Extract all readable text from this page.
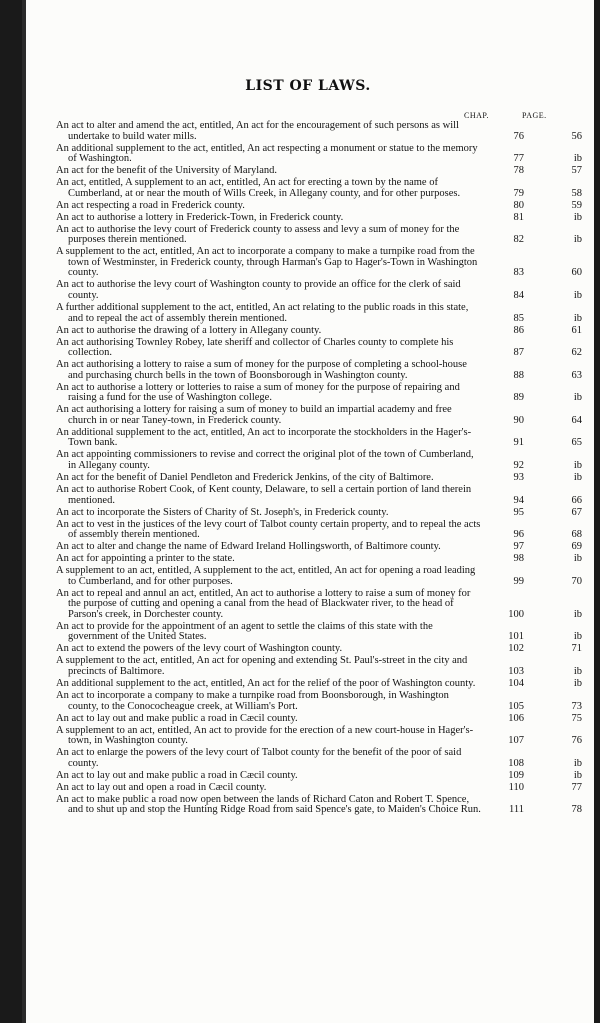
LIST OF LAWS.
CHAP.	PAGE.
An act to alter and amend the act, entitled, An act for the encouragement of such persons as will undertake to build water mills.	76	56
An additional supplement to the act, entitled, An act respecting a monument or statue to the memory of Washington.	77	ib
An act for the benefit of the University of Maryland.	78	57
An act, entitled, A supplement to an act, entitled, An act for erecting a town by the name of Cumberland, at or near the mouth of Wills Creek, in Allegany county, and for other purposes.	79	58
An act respecting a road in Frederick county.	80	59
An act to authorise a lottery in Frederick-Town, in Frederick county.	81	ib
An act to authorise the levy court of Frederick county to assess and levy a sum of money for the purposes therein mentioned.	82	ib
A supplement to the act, entitled, An act to incorporate a company to make a turnpike road from the town of Westminster, in Frederick county, through Harman's Gap to Hager's-Town in Washington county.	83	60
An act to authorise the levy court of Washington county to provide an office for the clerk of said county.	84	ib
A further additional supplement to the act, entitled, An act relating to the public roads in this state, and to repeal the act of assembly therein mentioned.	85	ib
An act to authorise the drawing of a lottery in Allegany county.	86	61
An act authorising Townley Robey, late sheriff and collector of Charles county to complete his collection.	87	62
An act authorising a lottery to raise a sum of money for the purpose of completing a school-house and purchasing church bells in the town of Boonsborough in Washington county.	88	63
An act to authorise a lottery or lotteries to raise a sum of money for the purpose of repairing and raising a fund for the use of Washington college.	89	ib
An act authorising a lottery for raising a sum of money to build an impartial academy and free church in or near Taney-town, in Frederick county.	90	64
An additional supplement to the act, entitled, An act to incorporate the stockholders in the Hager's-Town bank.	91	65
An act appointing commissioners to revise and correct the original plot of the town of Cumberland, in Allegany county.	92	ib
An act for the benefit of Daniel Pendleton and Frederick Jenkins, of the city of Baltimore.	93	ib
An act to authorise Robert Cook, of Kent county, Delaware, to sell a certain portion of land therein mentioned.	94	66
An act to incorporate the Sisters of Charity of St. Joseph's, in Frederick county.	95	67
An act to vest in the justices of the levy court of Talbot county certain property, and to repeal the acts of assembly therein mentioned.	96	68
An act to alter and change the name of Edward Ireland Hollingsworth, of Baltimore county.	97	69
An act for appointing a printer to the state.	98	ib
A supplement to an act, entitled, A supplement to the act, entitled, An act for opening a road leading to Cumberland, and for other purposes.	99	70
An act to repeal and annul an act, entitled, An act to authorise a lottery to raise a sum of money for the purpose of cutting and opening a canal from the head of Blackwater river, to the head of Parson's creek, in Dorchester county.	100	ib
An act to provide for the appointment of an agent to settle the claims of this state with the government of the United States.	101	ib
An act to extend the powers of the levy court of Washington county.	102	71
A supplement to the act, entitled, An act for opening and extending St. Paul's-street in the city and precincts of Baltimore.	103	ib
An additional supplement to the act, entitled, An act for the relief of the poor of Washington county.	104	ib
An act to incorporate a company to make a turnpike road from Boonsborough, in Washington county, to the Conococheague creek, at William's Port.	105	73
An act to lay out and make public a road in Cæcil county.	106	75
A supplement to an act, entitled, An act to provide for the erection of a new court-house in Hager's-town, in Washington county.	107	76
An act to enlarge the powers of the levy court of Talbot county for the benefit of the poor of said county.	108	ib
An act to lay out and make public a road in Cæcil county.	109	ib
An act to lay out and open a road in Cæcil county.	110	77
An act to make public a road now open between the lands of Richard Caton and Robert T. Spence, and to shut up and stop the Hunting Ridge Road from said Spence's gate, to Maiden's Choice Run.	111	78
